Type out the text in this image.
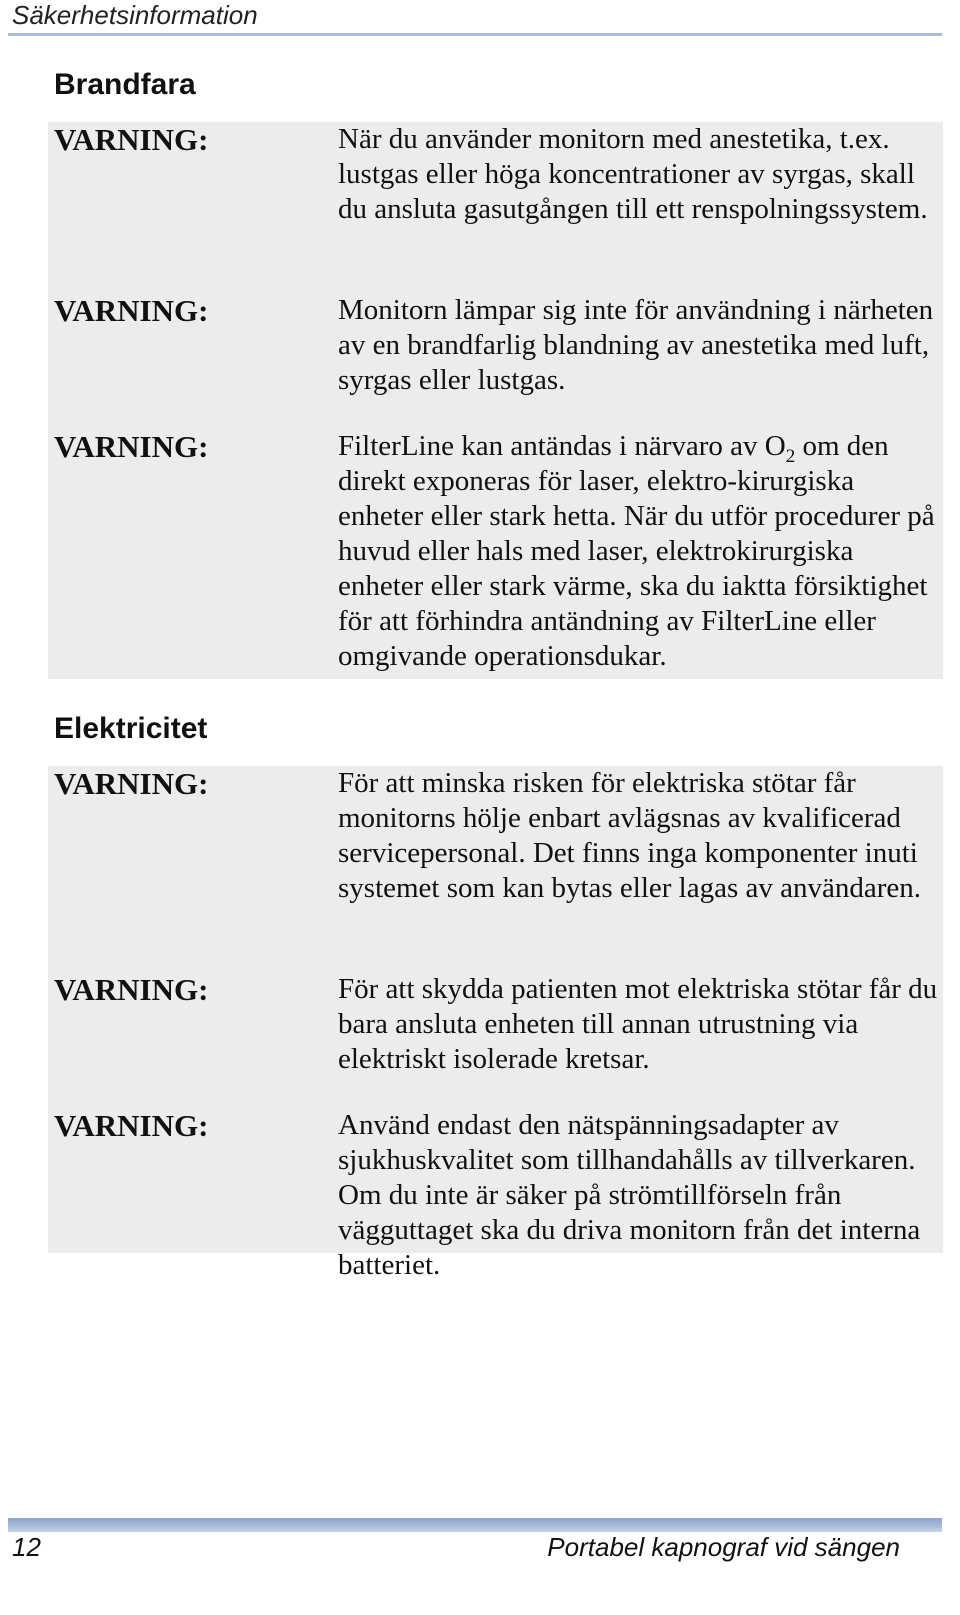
Säkerhetsinformation
Brandfara
VARNING:	När du använder monitorn med anestetika, t.ex. lustgas eller höga koncentrationer av syrgas, skall du ansluta gasutgången till ett renspolningssystem.
VARNING:	Monitorn lämpar sig inte för användning i närheten av en brandfarlig blandning av anestetika med luft, syrgas eller lustgas.
VARNING:	FilterLine kan antändas i närvaro av $O_2$ om den direkt exponeras för laser, elektro-kirurgiska enheter eller stark hetta. När du utför procedurer på huvud eller hals med laser, elektrokirurgiska enheter eller stark värme, ska du iaktta försiktighet för att förhindra antändning av FilterLine eller omgivande operationsdukar.
Elektricitet
VARNING:	För att minska risken för elektriska stötar får monitorns hölje enbart avlägsnas av kvalificerad servicepersonal. Det finns inga komponenter inuti systemet som kan bytas eller lagas av användaren.
VARNING:	För att skydda patienten mot elektriska stötar får du bara ansluta enheten till annan utrustning via elektriskt isolerade kretsar.
VARNING:	Använd endast den nätspänningsadapter av sjukhuskvalitet som tillhandahålls av tillverkaren. Om du inte är säker på strömtillförseln från vägguttaget ska du driva monitorn från det interna batteriet.
12	Portabel kapnograf vid sängen
